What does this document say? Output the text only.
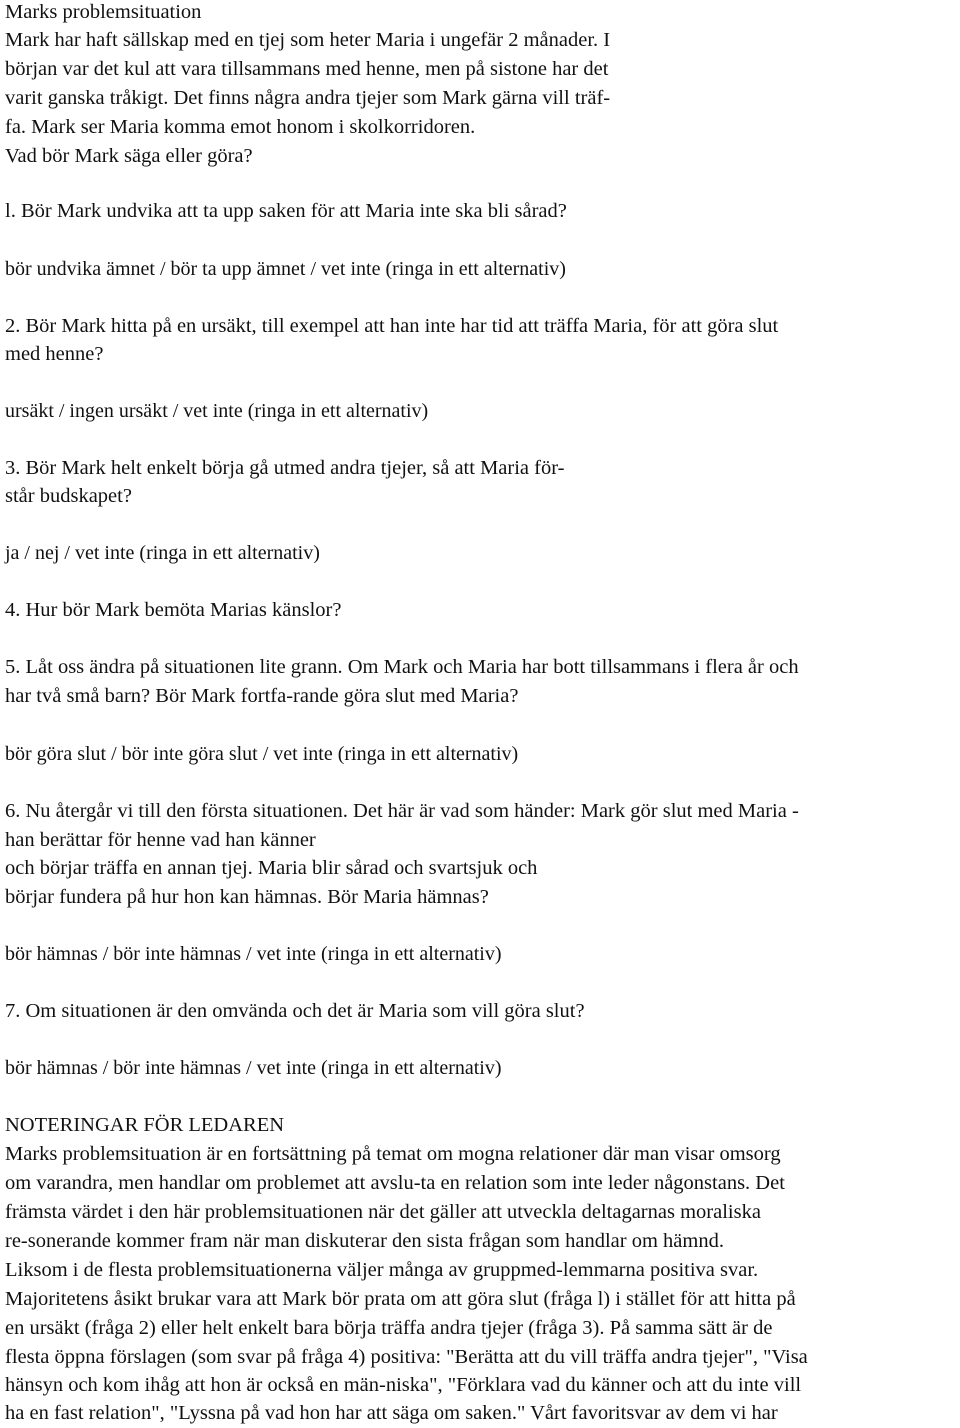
Marks problemsituation
Mark har haft sällskap med en tjej som heter Maria i ungefär 2 månader. I
början var det kul att vara tillsammans med henne, men på sistone har det
varit ganska tråkigt. Det finns några andra tjejer som Mark gärna vill träf-
fa. Mark ser Maria komma emot honom i skolkorridoren.
Vad bör Mark säga eller göra?
l. Bör Mark undvika att ta upp saken för att Maria inte ska bli sårad?
bör undvika ämnet / bör ta upp ämnet / vet inte (ringa in ett alternativ)
2. Bör Mark hitta på en ursäkt, till exempel att han inte har tid att träffa Maria, för att göra slut
med henne?
ursäkt / ingen ursäkt / vet inte (ringa in ett alternativ)
3. Bör Mark helt enkelt börja gå utmed andra tjejer, så att Maria för-
står budskapet?
ja / nej / vet inte (ringa in ett alternativ)
4. Hur bör Mark bemöta Marias känslor?
5. Låt oss ändra på situationen lite grann. Om Mark och Maria har bott tillsammans i flera år och
har två små barn? Bör Mark fortfa-rande göra slut med Maria?
bör göra slut / bör inte göra slut / vet inte (ringa in ett alternativ)
6. Nu återgår vi till den första situationen. Det här är vad som händer: Mark gör slut med Maria -
han berättar för henne vad han känner
och börjar träffa en annan tjej. Maria blir sårad och svartsjuk och
börjar fundera på hur hon kan hämnas. Bör Maria hämnas?
bör hämnas / bör inte hämnas / vet inte (ringa in ett alternativ)
7. Om situationen är den omvända och det är Maria som vill göra slut?
bör hämnas / bör inte hämnas / vet inte (ringa in ett alternativ)
NOTERINGAR FÖR LEDAREN
Marks problemsituation är en fortsättning på temat om mogna relationer där man visar omsorg
om varandra, men handlar om problemet att avslu-ta en relation som inte leder någonstans. Det
främsta värdet i den här problemsituationen när det gäller att utveckla deltagarnas moraliska
re-sonerande kommer fram när man diskuterar den sista frågan som handlar om hämnd.
Liksom i de flesta problemsituationerna väljer många av gruppmed-lemmarna positiva svar.
Majoritetens åsikt brukar vara att Mark bör prata om att göra slut (fråga l) i stället för att hitta på
en ursäkt (fråga 2) eller helt enkelt bara börja träffa andra tjejer (fråga 3). På samma sätt är de
flesta öppna förslagen (som svar på fråga 4) positiva: "Berätta att du vill träffa andra tjejer", "Visa
hänsyn och kom ihåg att hon är också en män-niska", "Förklara vad du känner och att du inte vill
ha en fast relation", "Lyssna på vad hon har att säga om saken." Vårt favoritsvar av dem vi har
